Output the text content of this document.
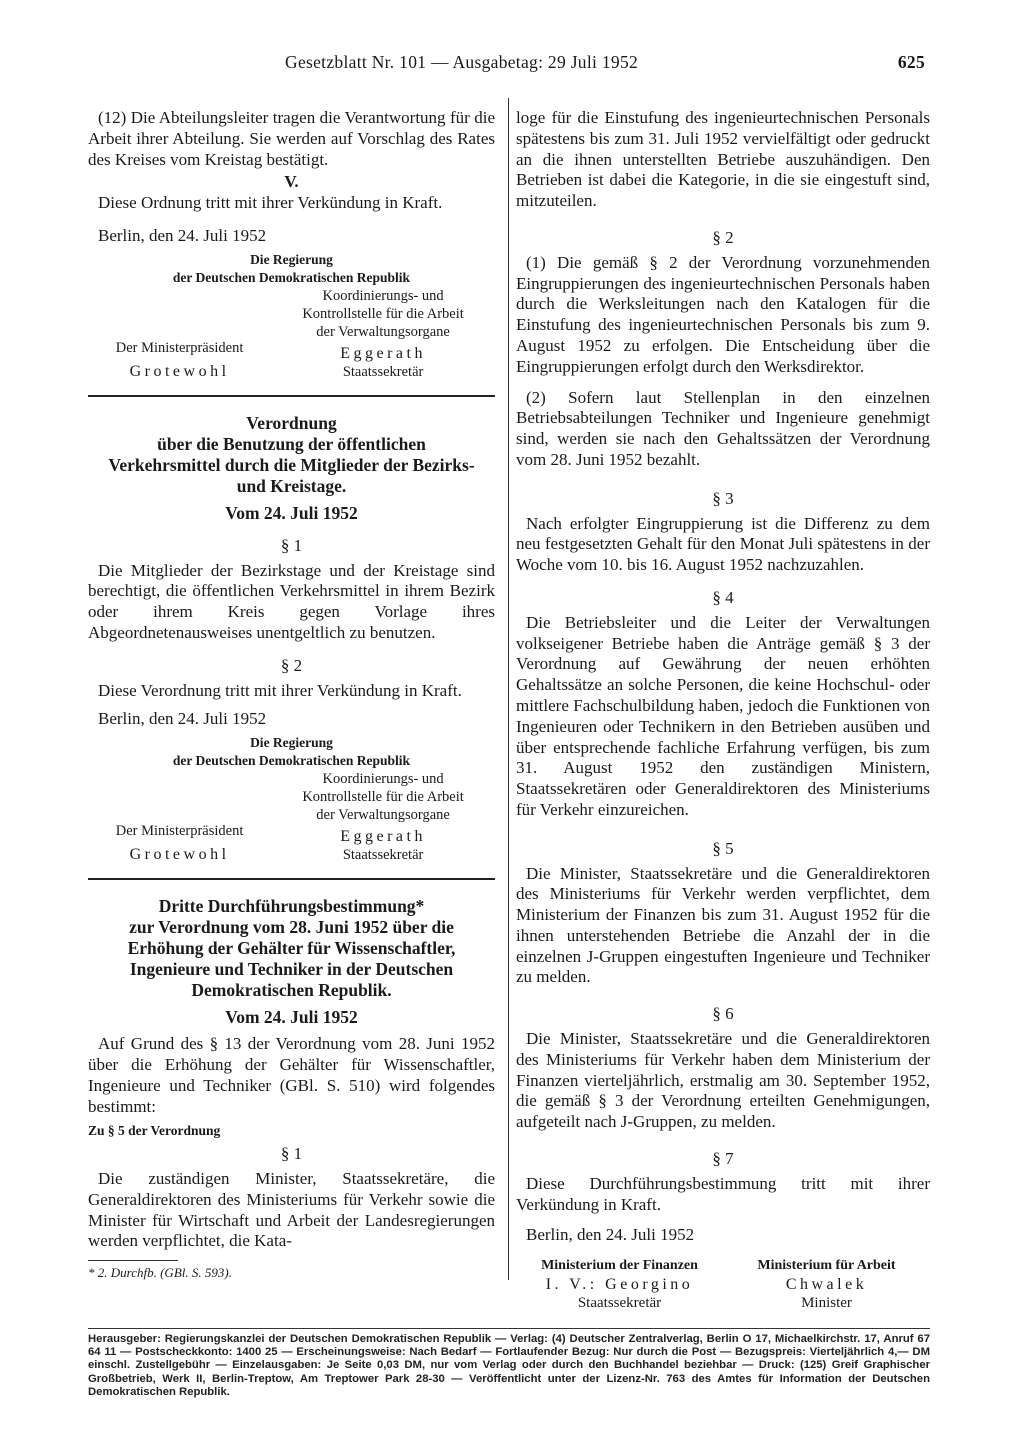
Gesetzblatt Nr. 101 — Ausgabetag: 29 Juli 1952	625

(12) Die Abteilungsleiter tragen die Verantwortung für die Arbeit ihrer Abteilung. Sie werden auf Vorschlag des Rates des Kreises vom Kreistag bestätigt.

V.

Diese Ordnung tritt mit ihrer Verkündung in Kraft.

Berlin, den 24. Juli 1952

Die Regierung
der Deutschen Demokratischen Republik
Der Ministerpräsident
Grotewohl
Koordinierungs- und
Kontrollstelle für die Arbeit
der Verwaltungsorgane
Eggerath
Staatssekretär
Verordnung
über die Benutzung der öffentlichen Verkehrsmittel durch die Mitglieder der Bezirks- und Kreistage.
Vom 24. Juli 1952

§ 1

Die Mitglieder der Bezirkstage und der Kreistage sind berechtigt, die öffentlichen Verkehrsmittel in ihrem Bezirk oder ihrem Kreis gegen Vorlage ihres Abgeordnetenausweises unentgeltlich zu benutzen.

§ 2

Diese Verordnung tritt mit ihrer Verkündung in Kraft.

Berlin, den 24. Juli 1952

Die Regierung
der Deutschen Demokratischen Republik
Der Ministerpräsident
Grotewohl
Koordinierungs- und
Kontrollstelle für die Arbeit
der Verwaltungsorgane
Eggerath
Staatssekretär
Dritte Durchführungsbestimmung*
zur Verordnung vom 28. Juni 1952 über die Erhöhung der Gehälter für Wissenschaftler, Ingenieure und Techniker in der Deutschen Demokratischen Republik.
Vom 24. Juli 1952

Auf Grund des § 13 der Verordnung vom 28. Juni 1952 über die Erhöhung der Gehälter für Wissenschaftler, Ingenieure und Techniker (GBl. S. 510) wird folgendes bestimmt:

Zu § 5 der Verordnung

§ 1

Die zuständigen Minister, Staatssekretäre, die Generaldirektoren des Ministeriums für Verkehr sowie die Minister für Wirtschaft und Arbeit der Landesregierungen werden verpflichtet, die Kata-

* 2. Durchfb. (GBl. S. 593).

loge für die Einstufung des ingenieurtechnischen Personals spätestens bis zum 31. Juli 1952 vervielfältigt oder gedruckt an die ihnen unterstellten Betriebe auszuhändigen. Den Betrieben ist dabei die Kategorie, in die sie eingestuft sind, mitzuteilen.

§ 2

(1) Die gemäß § 2 der Verordnung vorzunehmenden Eingruppierungen des ingenieurtechnischen Personals haben durch die Werksleitungen nach den Katalogen für die Einstufung des ingenieurtechnischen Personals bis zum 9. August 1952 zu erfolgen. Die Entscheidung über die Eingruppierungen erfolgt durch den Werksdirektor.

(2) Sofern laut Stellenplan in den einzelnen Betriebsabteilungen Techniker und Ingenieure genehmigt sind, werden sie nach den Gehaltssätzen der Verordnung vom 28. Juni 1952 bezahlt.

§ 3

Nach erfolgter Eingruppierung ist die Differenz zu dem neu festgesetzten Gehalt für den Monat Juli spätestens in der Woche vom 10. bis 16. August 1952 nachzuzahlen.

§ 4

Die Betriebsleiter und die Leiter der Verwaltungen volkseigener Betriebe haben die Anträge gemäß § 3 der Verordnung auf Gewährung der neuen erhöhten Gehaltssätze an solche Personen, die keine Hochschul- oder mittlere Fachschulbildung haben, jedoch die Funktionen von Ingenieuren oder Technikern in den Betrieben ausüben und über entsprechende fachliche Erfahrung verfügen, bis zum 31. August 1952 den zuständigen Ministern, Staatssekretären oder Generaldirektoren des Ministeriums für Verkehr einzureichen.

§ 5

Die Minister, Staatssekretäre und die Generaldirektoren des Ministeriums für Verkehr werden verpflichtet, dem Ministerium der Finanzen bis zum 31. August 1952 für die ihnen unterstehenden Betriebe die Anzahl der in die einzelnen J-Gruppen eingestuften Ingenieure und Techniker zu melden.

§ 6

Die Minister, Staatssekretäre und die Generaldirektoren des Ministeriums für Verkehr haben dem Ministerium der Finanzen vierteljährlich, erstmalig am 30. September 1952, die gemäß § 3 der Verordnung erteilten Genehmigungen, aufgeteilt nach J-Gruppen, zu melden.

§ 7

Diese Durchführungsbestimmung tritt mit ihrer Verkündung in Kraft.

Berlin, den 24. Juli 1952

Ministerium der Finanzen
I. V.: Georgino
Staatssekretär
Ministerium für Arbeit
Chwalek
Minister
Herausgeber: Regierungskanzlei der Deutschen Demokratischen Republik — Verlag: (4) Deutscher Zentralverlag, Berlin O 17, Michaelkirchstr. 17, Anruf 67 64 11 — Postscheckkonto: 1400 25 — Erscheinungsweise: Nach Bedarf — Fortlaufender Bezug: Nur durch die Post — Bezugspreis: Vierteljährlich 4,— DM einschl. Zustellgebühr — Einzelausgaben: Je Seite 0,03 DM, nur vom Verlag oder durch den Buchhandel beziehbar — Druck: (125) Greif Graphischer Großbetrieb, Werk II, Berlin-Treptow, Am Treptower Park 28-30 — Veröffentlicht unter der Lizenz-Nr. 763 des Amtes für Information der Deutschen Demokratischen Republik.
